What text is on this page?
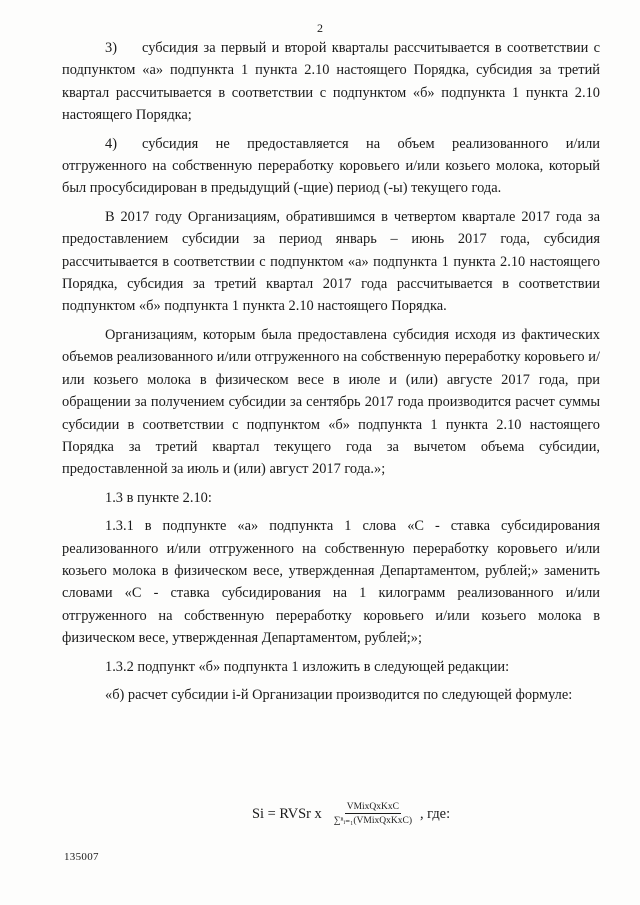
2

3) субсидия за первый и второй кварталы рассчитывается в соответствии с подпунктом «а» подпункта 1 пункта 2.10 настоящего Порядка, субсидия за третий квартал рассчитывается в соответствии с подпунктом «б» подпункта 1 пункта 2.10 настоящего Порядка;

4) субсидия не предоставляется на объем реализованного и/или отгруженного на собственную переработку коровьего и/или козьего молока, который был просубсидирован в предыдущий (-щие) период (-ы) текущего года.

В 2017 году Организациям, обратившимся в четвертом квартале 2017 года за предоставлением субсидии за период январь – июнь 2017 года, субсидия рассчитывается в соответствии с подпунктом «а» подпункта 1 пункта 2.10 настоящего Порядка, субсидия за третий квартал 2017 года рассчитывается в соответствии подпунктом «б» подпункта 1 пункта 2.10 настоящего Порядка.

Организациям, которым была предоставлена субсидия исходя из фактических объемов реализованного и/или отгруженного на собственную переработку коровьего и/или козьего молока в физическом весе в июле и (или) августе 2017 года, при обращении за получением субсидии за сентябрь 2017 года производится расчет суммы субсидии в соответствии с подпунктом «б» подпункта 1 пункта 2.10 настоящего Порядка за третий квартал текущего года за вычетом объема субсидии, предоставленной за июль и (или) август 2017 года.»;

1.3 в пункте 2.10:

1.3.1 в подпункте «а» подпункта 1 слова «С - ставка субсидирования реализованного и/или отгруженного на собственную переработку коровьего и/или козьего молока в физическом весе, утвержденная Департаментом, рублей;» заменить словами «С - ставка субсидирования на 1 килограмм реализованного и/или отгруженного на собственную переработку коровьего и/или козьего молока в физическом весе, утвержденная Департаментом, рублей;»;

1.3.2 подпункт «б» подпункта 1 изложить в следующей редакции:

«б) расчет субсидии i-й Организации производится по следующей формуле:

Si = RVSr x $\frac{\text{VMixQxKxC}}{\text{∑ⁿᵢ₌₁(VMixQxKxC)}}$ , где:
135007
